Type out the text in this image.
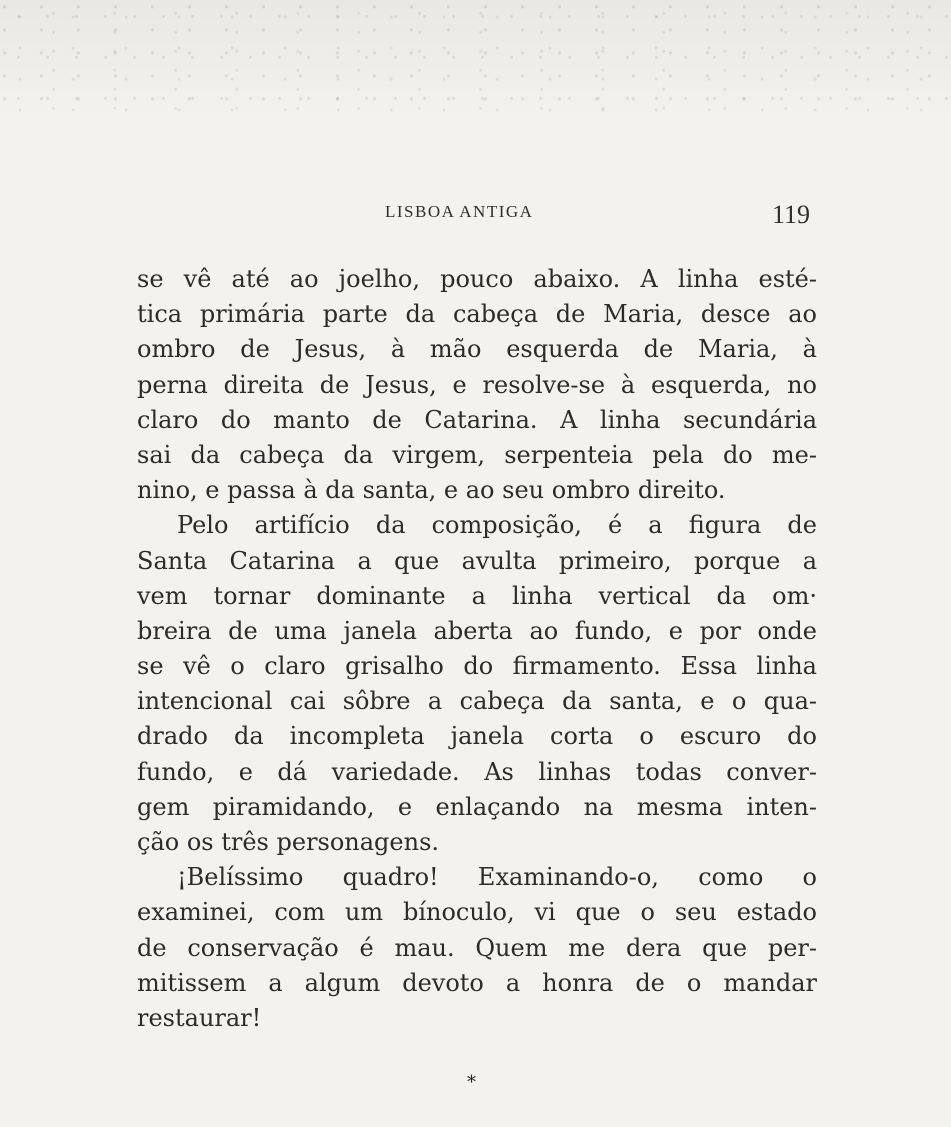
LISBOA ANTIGA	119
se vê até ao joelho, pouco abaixo. A linha esté-
tica primária parte da cabeça de Maria, desce ao
ombro de Jesus, à mão esquerda de Maria, à
perna direita de Jesus, e resolve-se à esquerda, no
claro do manto de Catarina. A linha secundária
sai da cabeça da virgem, serpenteia pela do me-
nino, e passa à da santa, e ao seu ombro direito.
Pelo artifício da composição, é a figura de
Santa Catarina a que avulta primeiro, porque a
vem tornar dominante a linha vertical da om·
breira de uma janela aberta ao fundo, e por onde
se vê o claro grisalho do firmamento. Essa linha
intencional cai sôbre a cabeça da santa, e o qua-
drado da incompleta janela corta o escuro do
fundo, e dá variedade. As linhas todas conver-
gem piramidando, e enlaçando na mesma inten-
ção os três personagens.
¡Belíssimo quadro! Examinando-o, como o
examinei, com um bínoculo, vi que o seu estado
de conservação é mau. Quem me dera que per-
mitissem a algum devoto a honra de o mandar
restaurar!
*
